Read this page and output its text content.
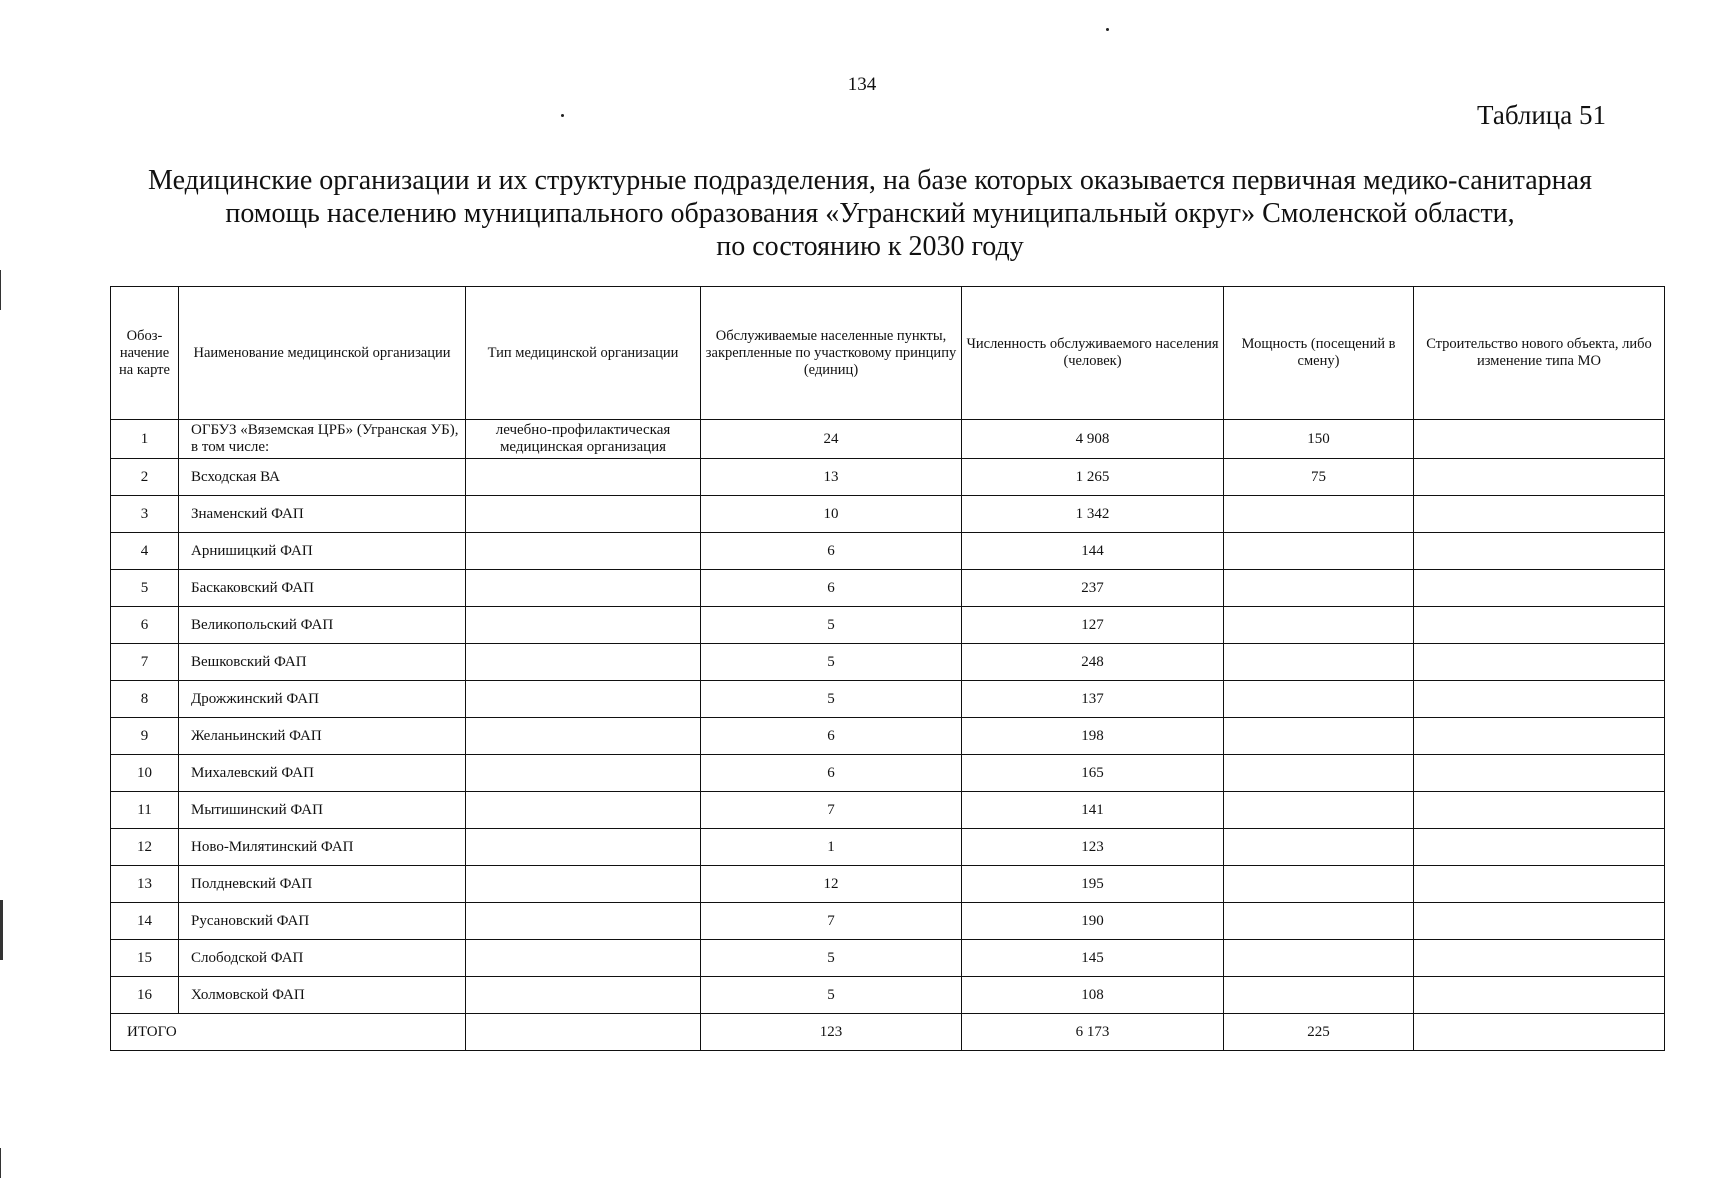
134
Таблица 51
Медицинские организации и их структурные подразделения, на базе которых оказывается первичная медико-санитарная
помощь населению муниципального образования «Угранский муниципальный округ» Смоленской области,
по состоянию к 2030 году
Обоз-начение на карте	Наименование медицинской организации	Тип медицинской организации	Обслуживаемые населенные пункты, закрепленные по участковому принципу (единиц)	Численность обслуживаемого населения (человек)	Мощность (посещений в смену)	Строительство нового объекта, либо изменение типа МО
1	ОГБУЗ «Вяземская ЦРБ» (Угранская УБ), в том числе:	лечебно-профилактическая медицинская организация	24	4 908	150	
2	Всходская ВА		13	1 265	75	
3	Знаменский ФАП		10	1 342		
4	Арнишицкий ФАП		6	144		
5	Баскаковский ФАП		6	237		
6	Великопольский ФАП		5	127		
7	Вешковский ФАП		5	248		
8	Дрожжинский ФАП		5	137		
9	Желаньинский ФАП		6	198		
10	Михалевский ФАП		6	165		
11	Мытишинский ФАП		7	141		
12	Ново-Милятинский ФАП		1	123		
13	Полдневский ФАП		12	195		
14	Русановский ФАП		7	190		
15	Слободской ФАП		5	145		
16	Холмовской ФАП		5	108		
ИТОГО			123	6 173	225	
